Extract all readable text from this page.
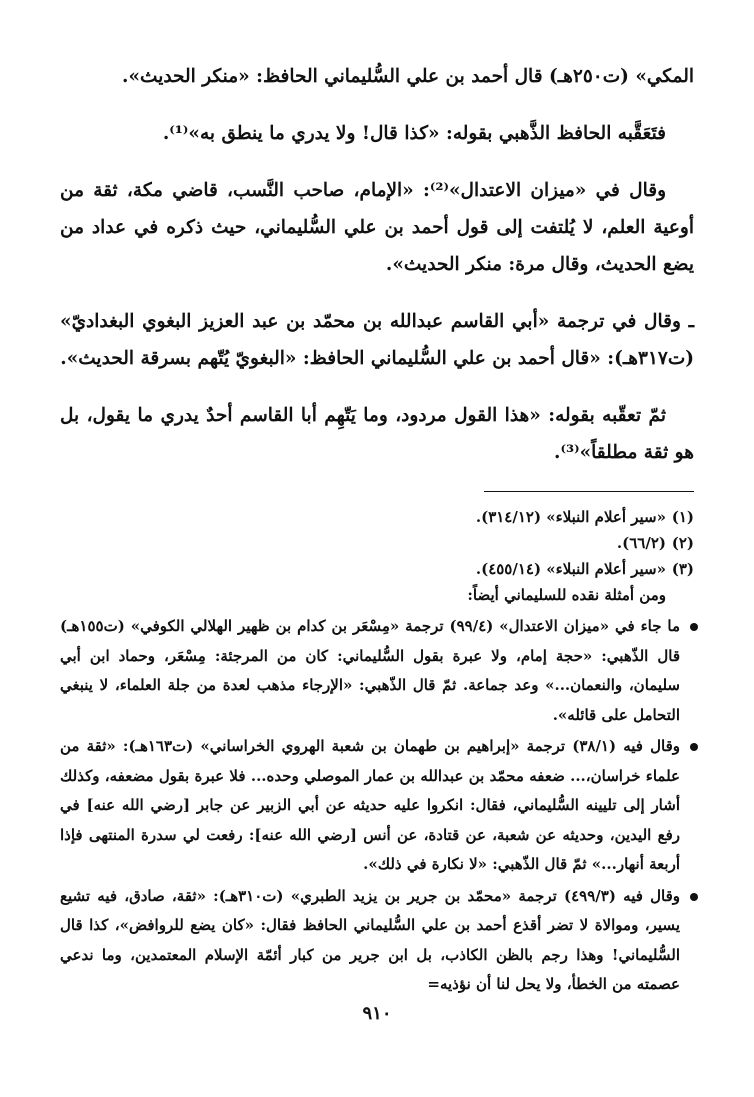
المكي» (ت٢٥٠هـ) قال أحمد بن علي السُّليماني الحافظ: «منكر الحديث».

فتَعَقَّبه الحافظ الذَّهبي بقوله: «كذا قال! ولا يدري ما ينطق به»⁽¹⁾.

وقال في «ميزان الاعتدال»⁽²⁾: «الإمام، صاحب النَّسب، قاضي مكة، ثقة من أوعية العلم، لا يُلتفت إلى قول أحمد بن علي السُّليماني، حيث ذكره في عداد من يضع الحديث، وقال مرة: منكر الحديث».

ـ وقال في ترجمة «أبي القاسم عبدالله بن محمّد بن عبد العزيز البغوي البغداديّ» (ت٣١٧هـ): «قال أحمد بن علي السُّليماني الحافظ: «البغويّ يُتّهم بسرقة الحديث».

ثمّ تعقّبه بقوله: «هذا القول مردود، وما يَتّهِم أبا القاسم أحدٌ يدري ما يقول، بل هو ثقة مطلقاً»⁽³⁾.

(١)«سير أعلام النبلاء» (٣١٤/١٢).
(٢)(٦٦/٢).
(٣)«سير أعلام النبلاء» (٤٥٥/١٤).
ومن أمثلة نقده للسليماني أيضاً:
ما جاء في «ميزان الاعتدال» (٩٩/٤) ترجمة «مِسْعَر بن كدام بن ظهير الهلالي الكوفي» (ت١٥٥هـ) قال الذّهبي: «حجة إمام، ولا عبرة بقول السُّليماني: كان من المرجئة: مِسْعَر، وحماد ابن أبي سليمان، والنعمان...» وعد جماعة. ثمّ قال الذّهبي: «الإرجاء مذهب لعدة من جلة العلماء، لا ينبغي التحامل على قائله».
وقال فيه (٣٨/١) ترجمة «إبراهيم بن طهمان بن شعبة الهروي الخراساني» (ت١٦٣هـ): «ثقة من علماء خراسان،... ضعفه محمّد بن عبدالله بن عمار الموصلي وحده... فلا عبرة بقول مضعفه، وكذلك أشار إلى تليينه السُّليماني، فقال: انكروا عليه حديثه عن أبي الزبير عن جابر [رضي الله عنه] في رفع اليدين، وحديثه عن شعبة، عن قتادة، عن أنس [رضي الله عنه]: رفعت لي سدرة المنتهى فإذا أربعة أنهار...» ثمّ قال الذّهبي: «لا نكارة في ذلك».
وقال فيه (٤٩٩/٣) ترجمة «محمّد بن جرير بن يزيد الطبري» (ت٣١٠هـ): «ثقة، صادق، فيه تشيع يسير، وموالاة لا تضر أقذع أحمد بن علي السُّليماني الحافظ فقال: «كان يضع للروافض»، كذا قال السُّليماني! وهذا رجم بالظن الكاذب، بل ابن جرير من كبار أئمّة الإسلام المعتمدين، وما ندعي عصمته من الخطأ، ولا يحل لنا أن نؤذيه=
٩١٠
